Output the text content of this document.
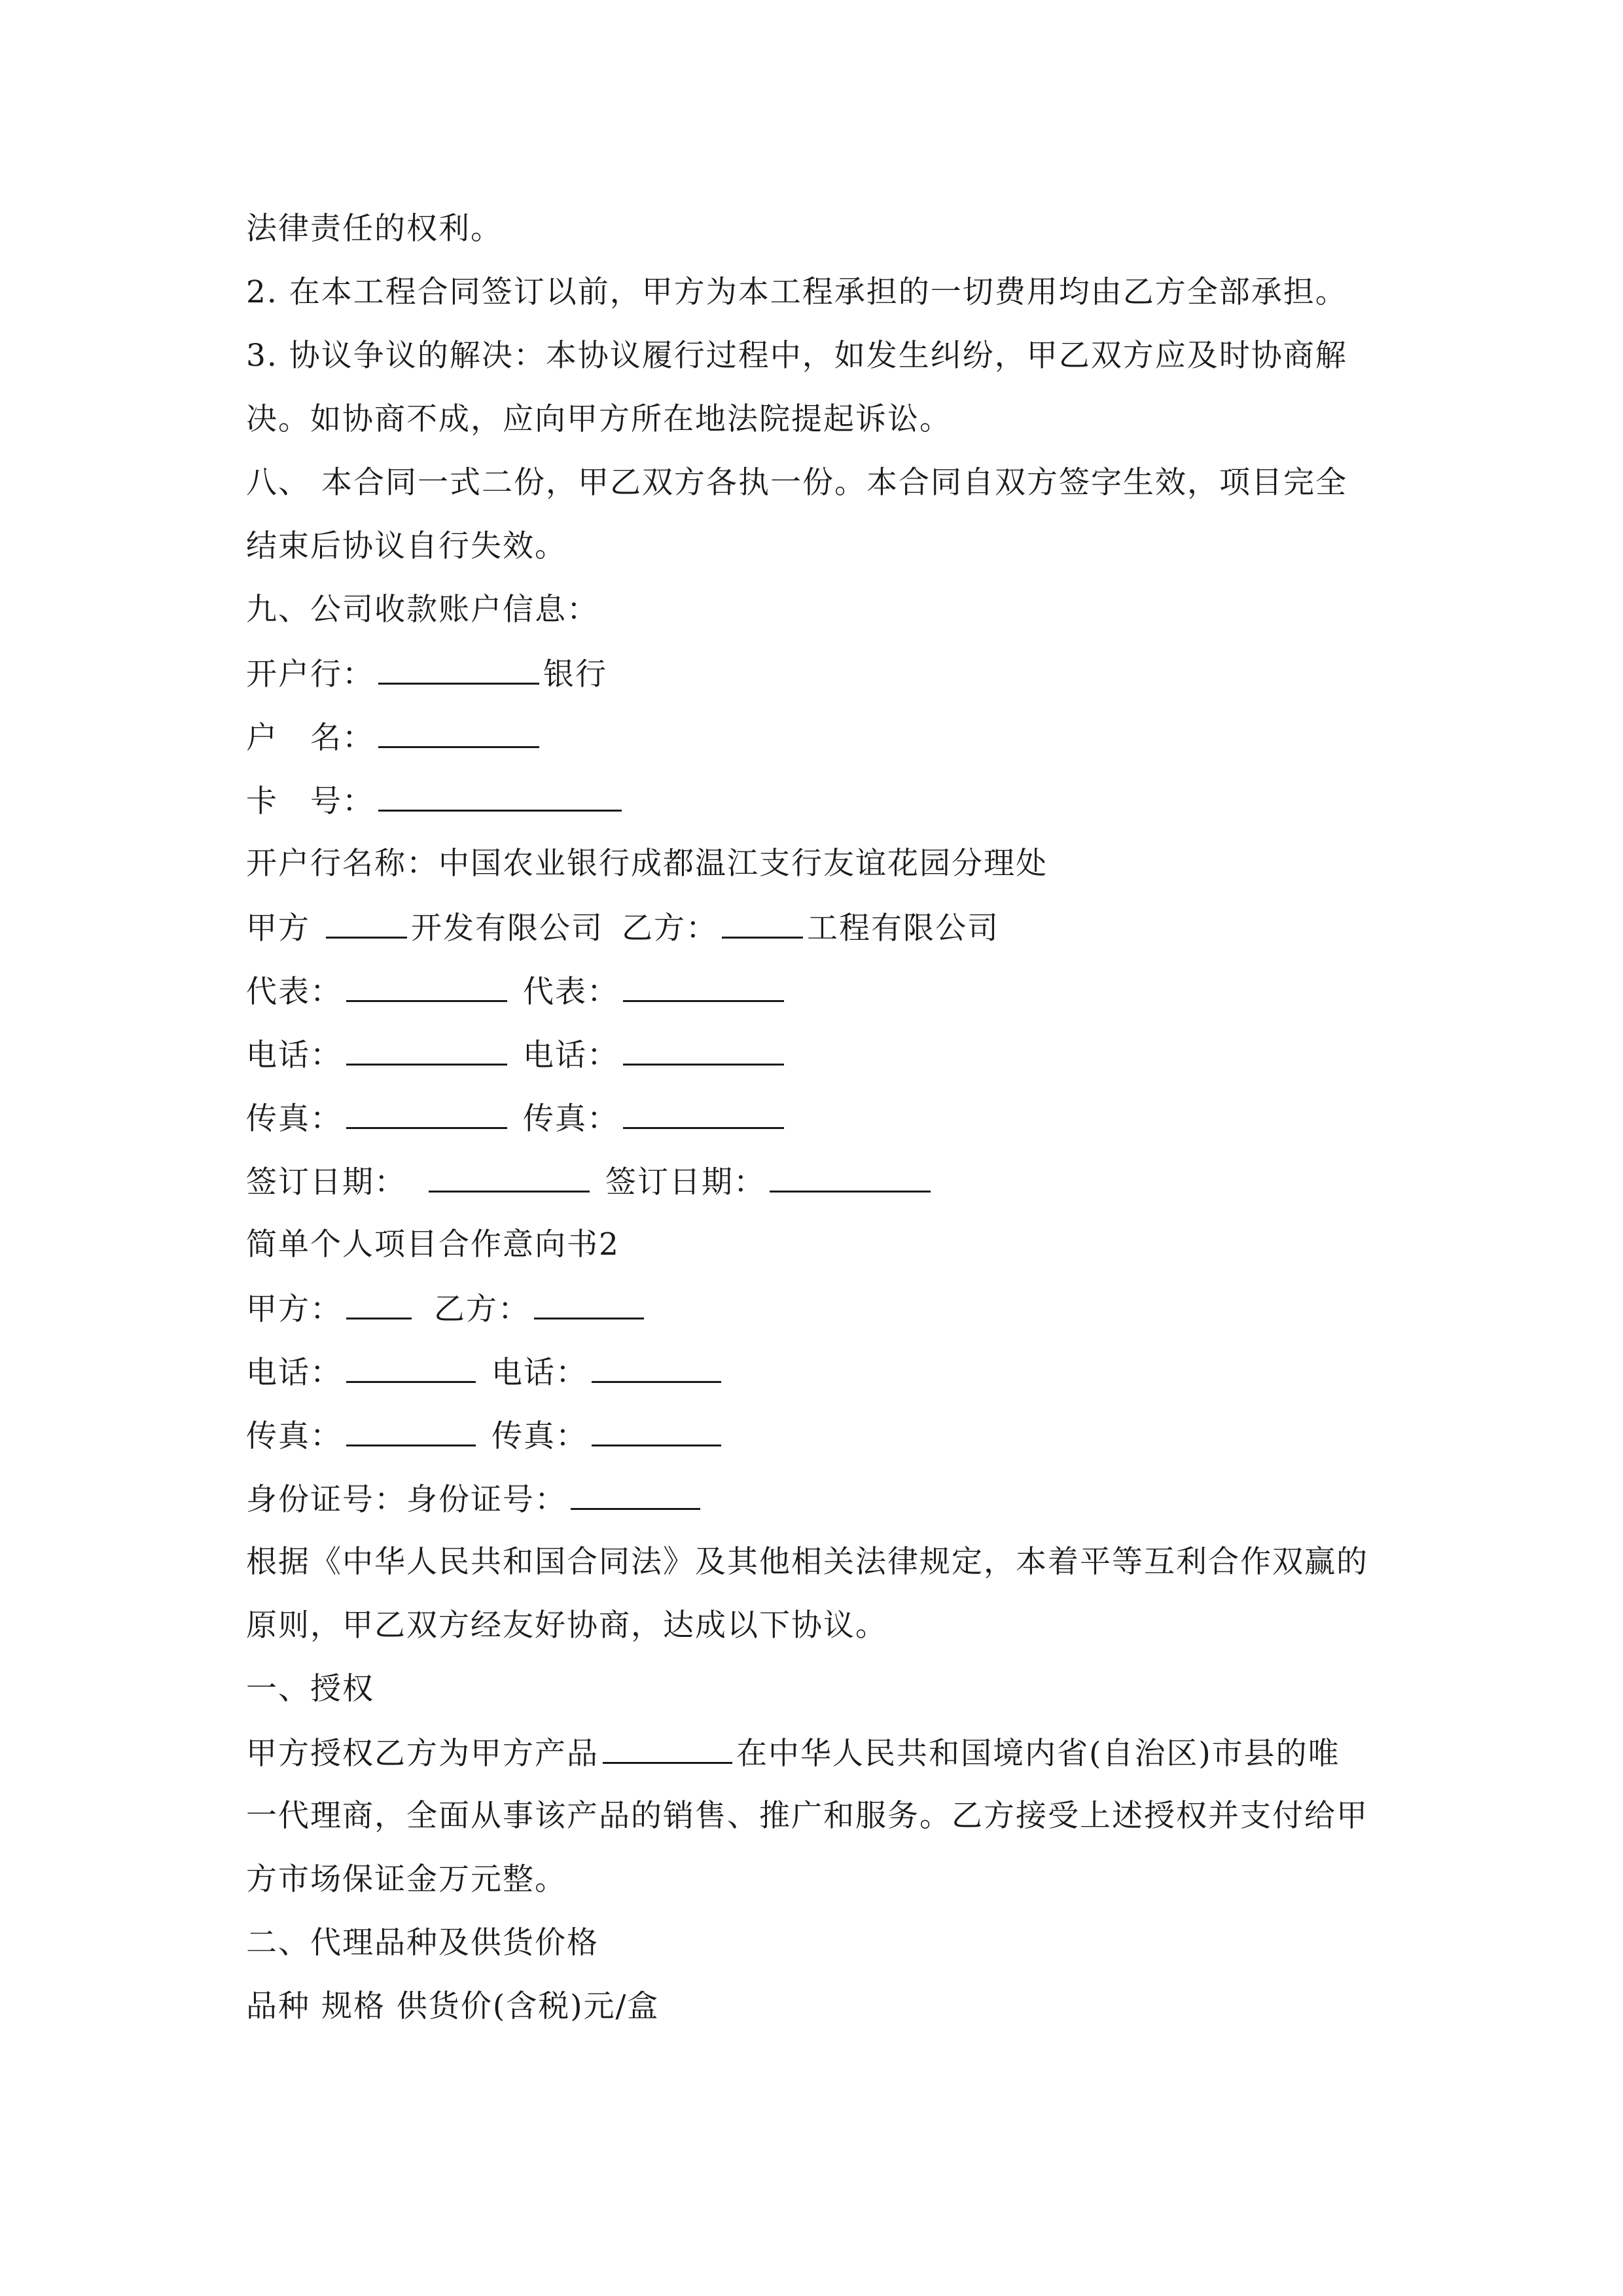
法律责任的权利。
2. 在本工程合同签订以前，甲方为本工程承担的一切费用均由乙方全部承担。
3. 协议争议的解决：本协议履行过程中，如发生纠纷，甲乙双方应及时协商解
决。如协商不成，应向甲方所在地法院提起诉讼。
八、 本合同一式二份，甲乙双方各执一份。本合同自双方签字生效，项目完全
结束后协议自行失效。
九、公司收款账户信息：
开户行：	银行
户　名：
卡　号：
开户行名称：中国农业银行成都温江支行友谊花园分理处
甲方	开发有限公司 乙方：	工程有限公司
代表：	代表：
电话：	电话：
传真：	传真：
签订日期：	签订日期：
简单个人项目合作意向书2
甲方：	乙方：
电话：	电话：
传真：	传真：
身份证号：身份证号：
根据《中华人民共和国合同法》及其他相关法律规定，本着平等互利合作双赢的
原则，甲乙双方经友好协商，达成以下协议。
一、授权
甲方授权乙方为甲方产品	在中华人民共和国境内省(自治区)市县的唯
一代理商，全面从事该产品的销售、推广和服务。乙方接受上述授权并支付给甲
方市场保证金万元整。
二、代理品种及供货价格
品种 规格 供货价(含税)元/盒
